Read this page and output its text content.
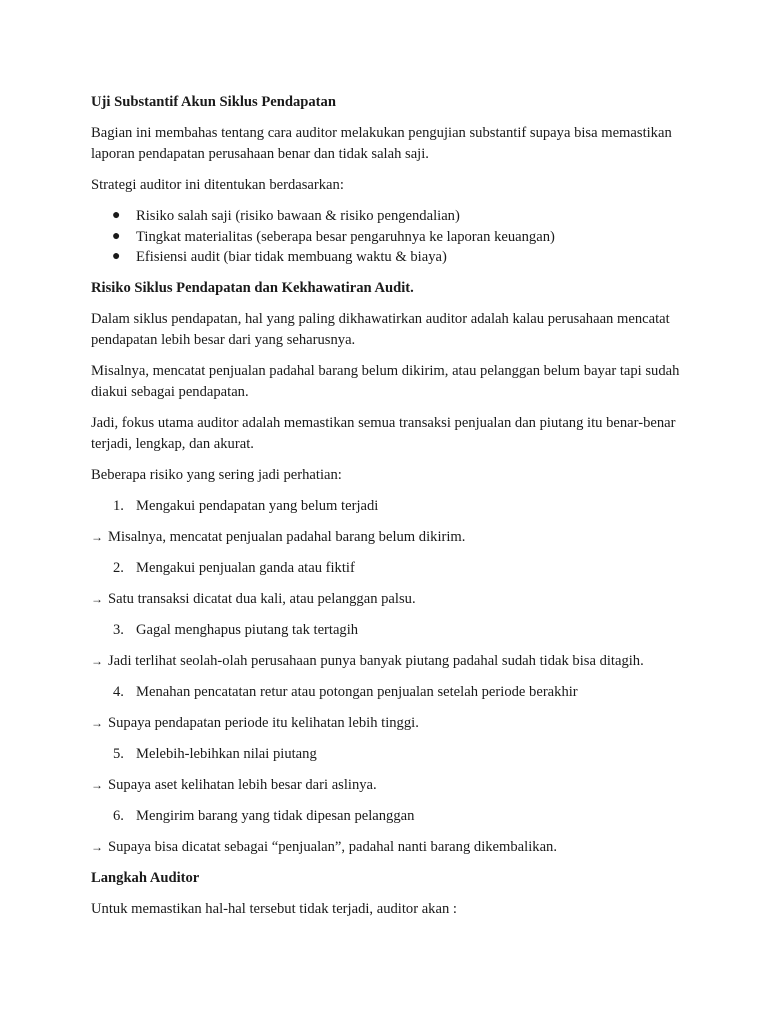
Uji Substantif Akun Siklus Pendapatan
Bagian ini membahas tentang cara auditor melakukan pengujian substantif supaya bisa memastikan laporan pendapatan perusahaan benar dan tidak salah saji.
Strategi auditor ini ditentukan berdasarkan:
● Risiko salah saji (risiko bawaan & risiko pengendalian)
● Tingkat materialitas (seberapa besar pengaruhnya ke laporan keuangan)
● Efisiensi audit (biar tidak membuang waktu & biaya)
Risiko Siklus Pendapatan dan Kekhawatiran Audit.
Dalam siklus pendapatan, hal yang paling dikhawatirkan auditor adalah kalau perusahaan mencatat pendapatan lebih besar dari yang seharusnya.
Misalnya, mencatat penjualan padahal barang belum dikirim, atau pelanggan belum bayar tapi sudah diakui sebagai pendapatan.
Jadi, fokus utama auditor adalah memastikan semua transaksi penjualan dan piutang itu benar-benar terjadi, lengkap, dan akurat.
Beberapa risiko yang sering jadi perhatian:
1. Mengakui pendapatan yang belum terjadi
→ Misalnya, mencatat penjualan padahal barang belum dikirim.
2. Mengakui penjualan ganda atau fiktif
→ Satu transaksi dicatat dua kali, atau pelanggan palsu.
3. Gagal menghapus piutang tak tertagih
→ Jadi terlihat seolah-olah perusahaan punya banyak piutang padahal sudah tidak bisa ditagih.
4. Menahan pencatatan retur atau potongan penjualan setelah periode berakhir
→ Supaya pendapatan periode itu kelihatan lebih tinggi.
5. Melebih-lebihkan nilai piutang
→ Supaya aset kelihatan lebih besar dari aslinya.
6. Mengirim barang yang tidak dipesan pelanggan
→ Supaya bisa dicatat sebagai “penjualan”, padahal nanti barang dikembalikan.
Langkah Auditor
Untuk memastikan hal-hal tersebut tidak terjadi, auditor akan :
